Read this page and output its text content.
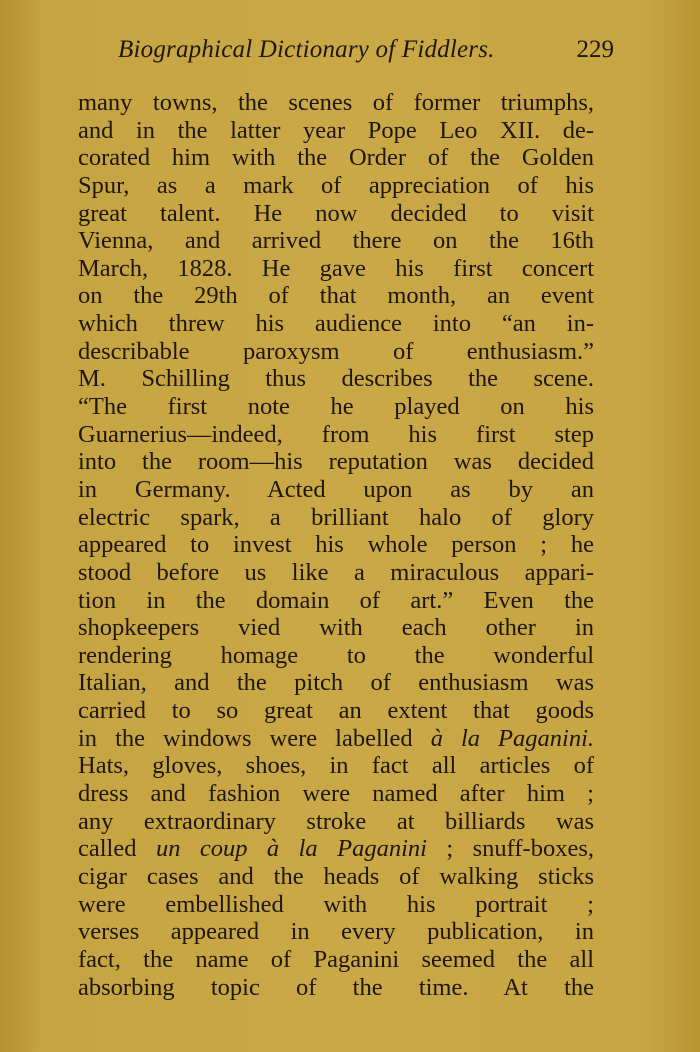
Biographical Dictionary of Fiddlers.	229
many towns, the scenes of former triumphs,
and in the latter year Pope Leo XII. de-
corated him with the Order of the Golden
Spur, as a mark of appreciation of his
great talent. He now decided to visit
Vienna, and arrived there on the 16th
March, 1828. He gave his first concert
on the 29th of that month, an event
which threw his audience into “an in-
describable paroxysm of enthusiasm.”
M. Schilling thus describes the scene.
“The first note he played on his
Guarnerius—indeed, from his first step
into the room—his reputation was decided
in Germany. Acted upon as by an
electric spark, a brilliant halo of glory
appeared to invest his whole person ; he
stood before us like a miraculous appari-
tion in the domain of art.” Even the
shopkeepers vied with each other in
rendering homage to the wonderful
Italian, and the pitch of enthusiasm was
carried to so great an extent that goods
in the windows were labelled à la Paganini.
Hats, gloves, shoes, in fact all articles of
dress and fashion were named after him ;
any extraordinary stroke at billiards was
called un coup à la Paganini ; snuff-boxes,
cigar cases and the heads of walking sticks
were embellished with his portrait ;
verses appeared in every publication, in
fact, the name of Paganini seemed the all
absorbing topic of the time. At the
